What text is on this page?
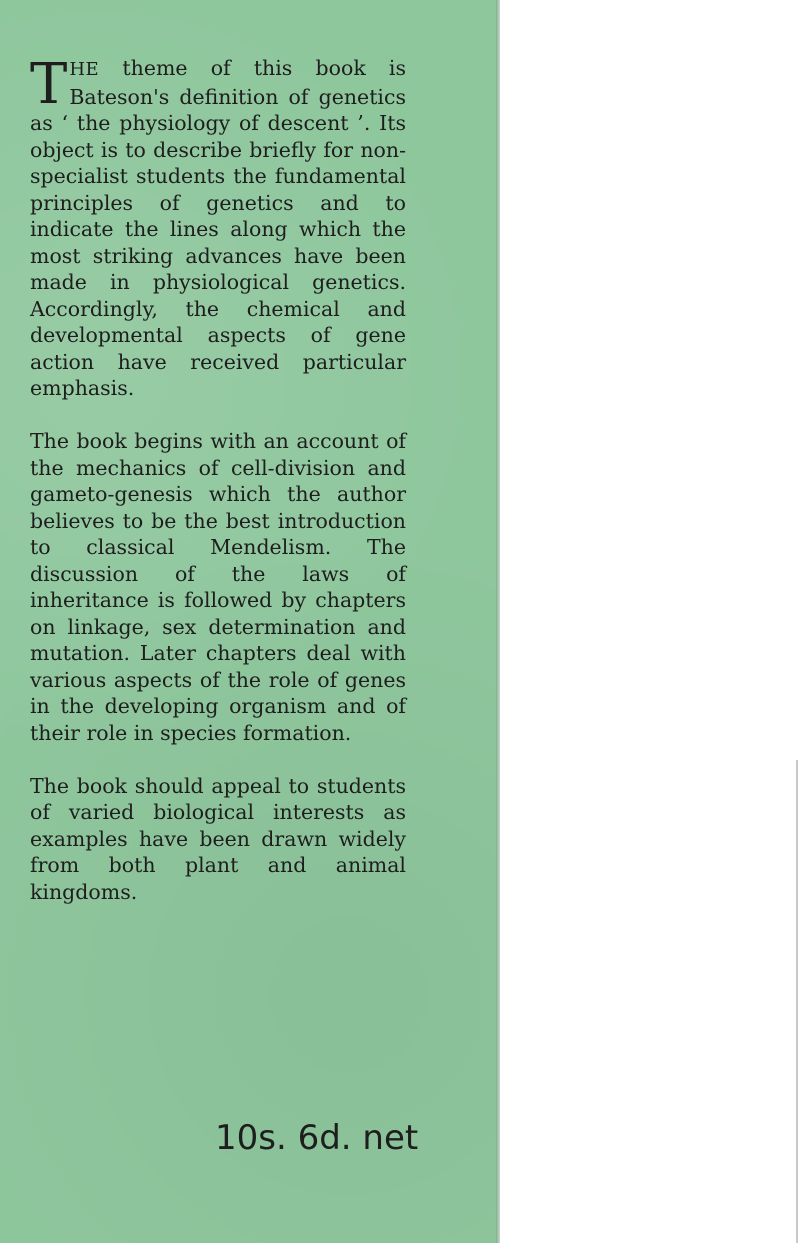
THE theme of this book is Bateson's definition of genetics as ‘ the physiology of descent ’. Its object is to describe briefly for non-specialist students the fundamental principles of genetics and to indicate the lines along which the most striking advances have been made in physiological genetics. Accordingly, the chemical and developmental aspects of gene action have received particular emphasis.

The book begins with an account of the mechanics of cell-division and gameto-genesis which the author believes to be the best introduction to classical Mendelism. The discussion of the laws of inheritance is followed by chapters on linkage, sex determination and mutation. Later chapters deal with various aspects of the role of genes in the developing organism and of their role in species formation.

The book should appeal to students of varied biological interests as examples have been drawn widely from both plant and animal kingdoms.

10s. 6d. net
